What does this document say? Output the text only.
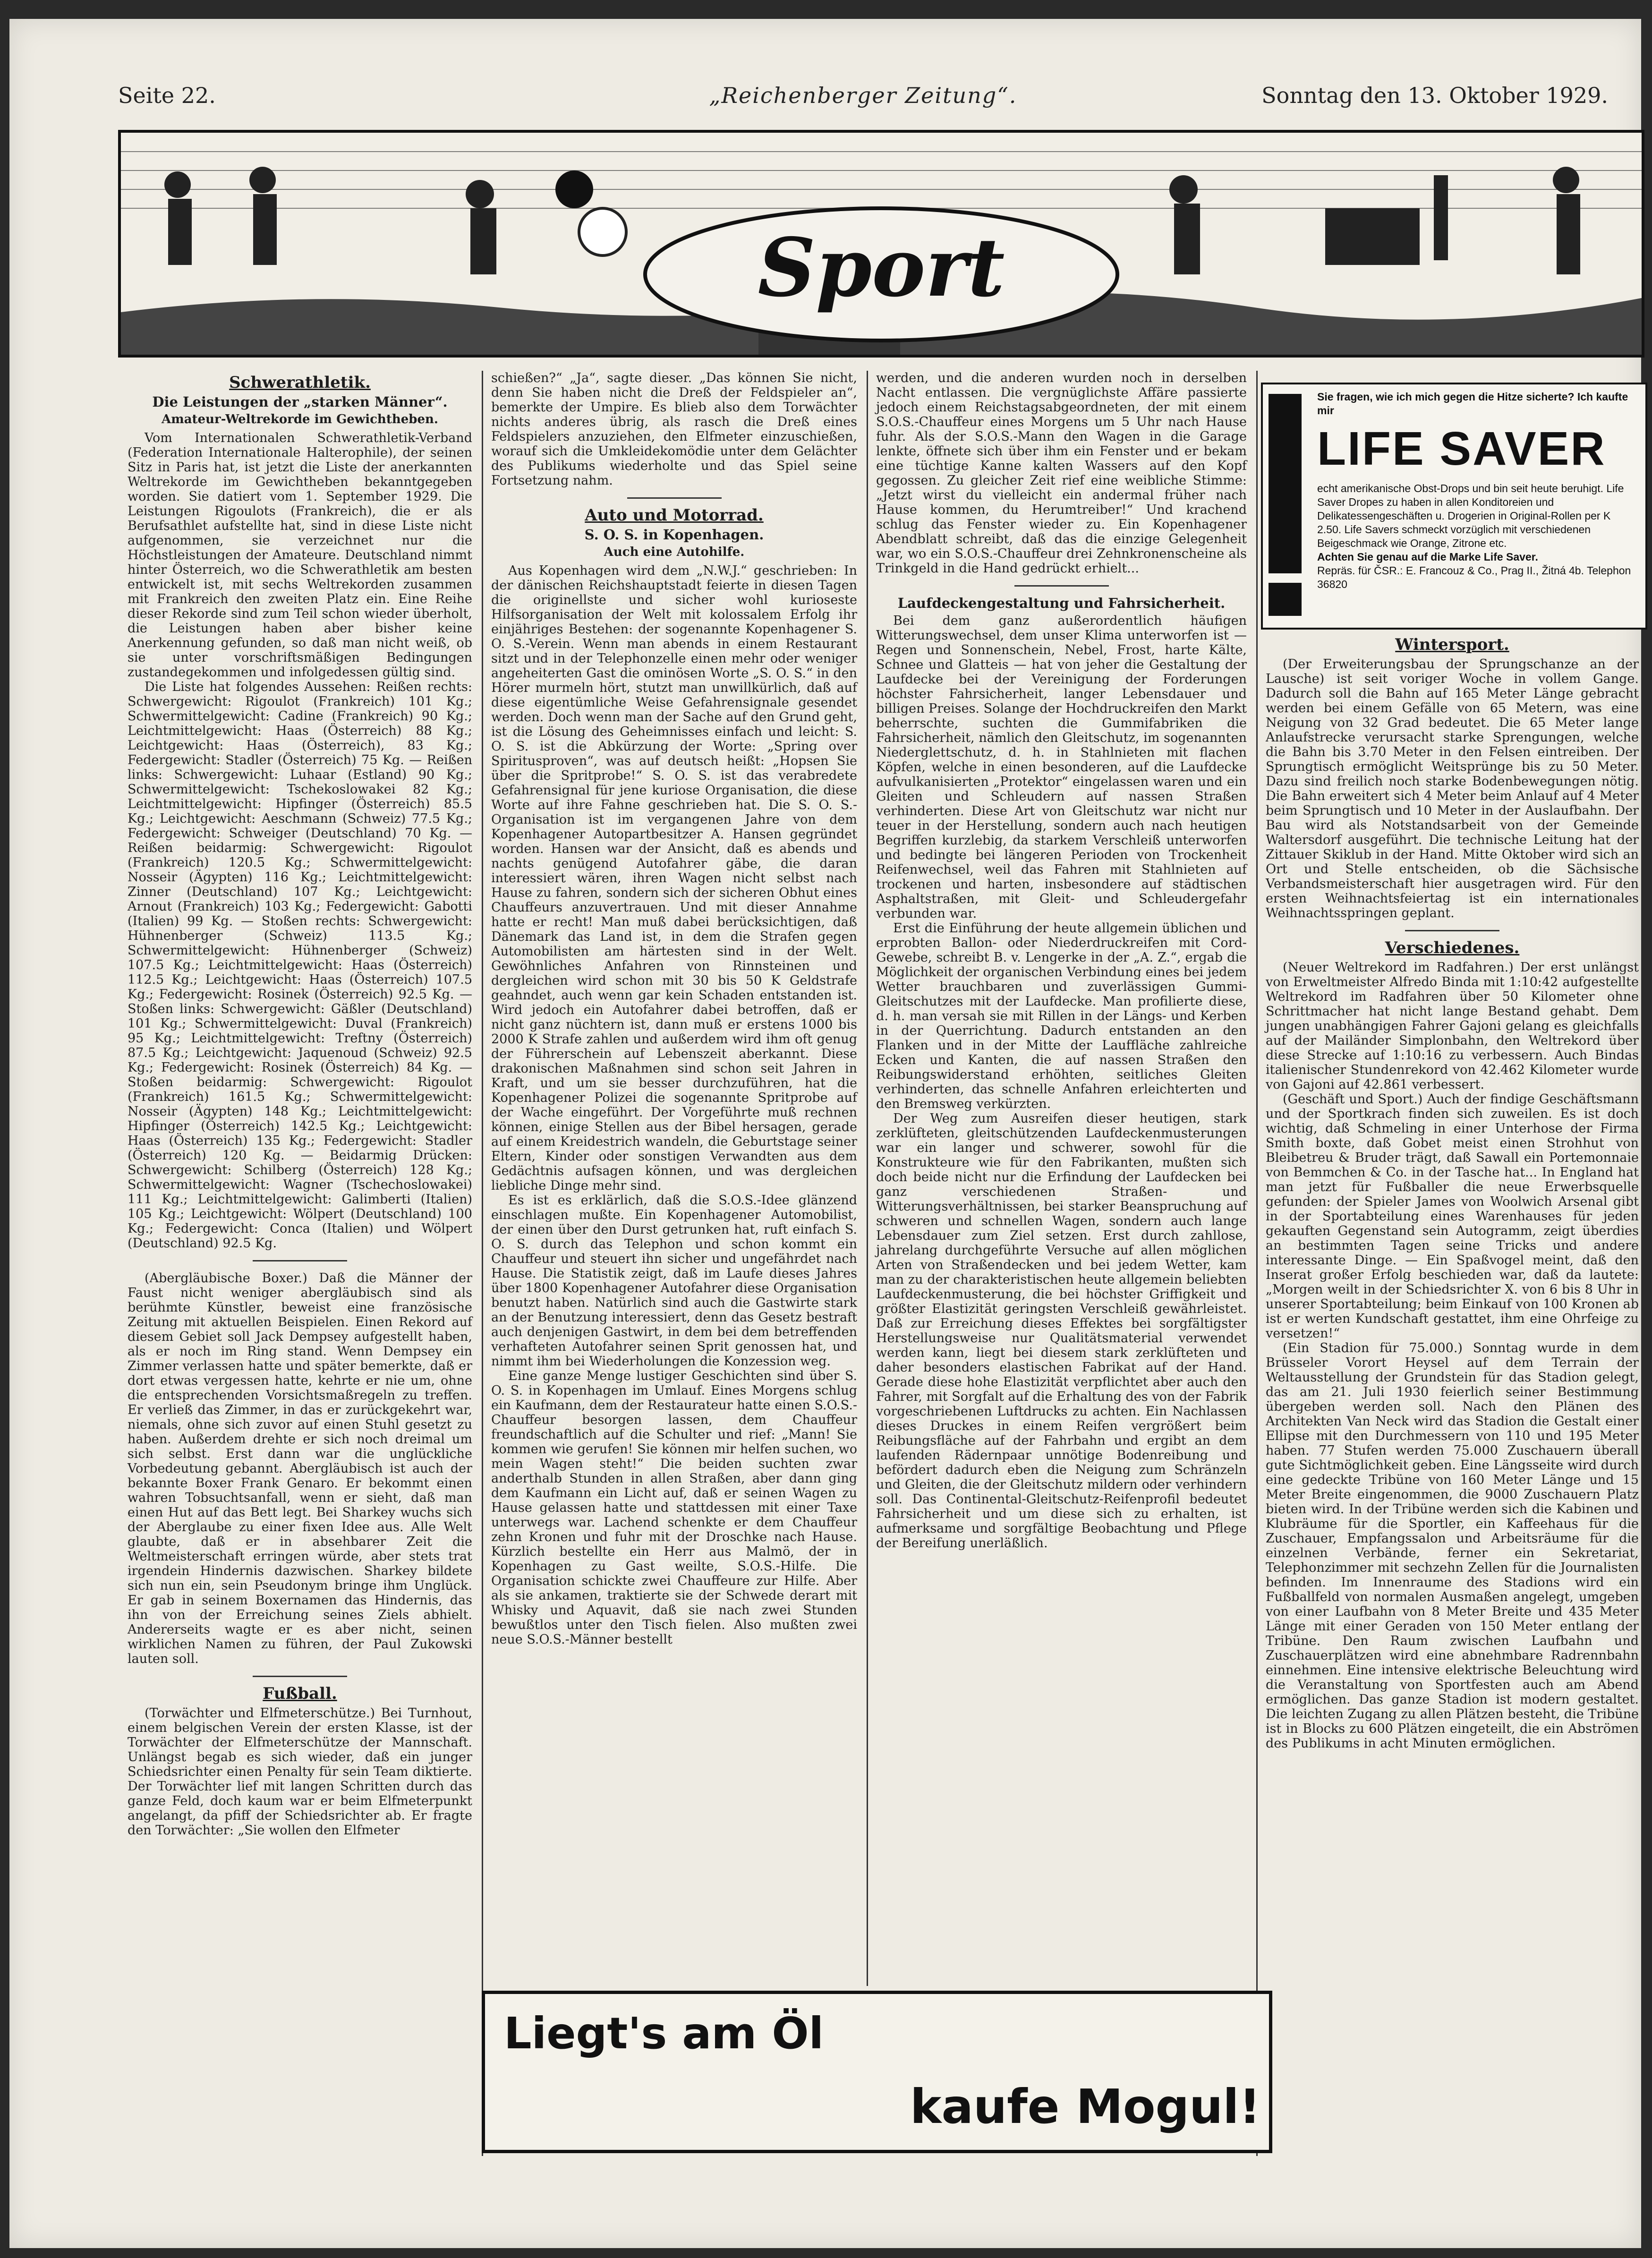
Seite 22.	„Reichenberger Zeitung“.	Sonntag den 13. Oktober 1929.
Sport
Schwerathletik.
Die Leistungen der „starken Männer“.
Amateur-Weltrekorde im Gewichtheben.

Vom Internationalen Schwerathletik-Verband (Federation Internationale Halterophile), der seinen Sitz in Paris hat, ist jetzt die Liste der anerkannten Weltrekorde im Gewichtheben bekanntgegeben worden. Sie datiert vom 1. September 1929. Die Leistungen Rigoulots (Frankreich), die er als Berufsathlet aufstellte hat, sind in diese Liste nicht aufgenommen, sie verzeichnet nur die Höchstleistungen der Amateure. Deutschland nimmt hinter Österreich, wo die Schwerathletik am besten entwickelt ist, mit sechs Weltrekorden zusammen mit Frankreich den zweiten Platz ein. Eine Reihe dieser Rekorde sind zum Teil schon wieder überholt, die Leistungen haben aber bisher keine Anerkennung gefunden, so daß man nicht weiß, ob sie unter vorschriftsmäßigen Bedingungen zustandegekommen und infolgedessen gültig sind.

Die Liste hat folgendes Aussehen: Reißen rechts: Schwergewicht: Rigoulot (Frankreich) 101 Kg.; Schwermittelgewicht: Cadine (Frankreich) 90 Kg.; Leichtmittelgewicht: Haas (Österreich) 88 Kg.; Leichtgewicht: Haas (Österreich), 83 Kg.; Federgewicht: Stadler (Österreich) 75 Kg. — Reißen links: Schwergewicht: Luhaar (Estland) 90 Kg.; Schwermittelgewicht: Tschekoslowakei 82 Kg.; Leichtmittelgewicht: Hipfinger (Österreich) 85.5 Kg.; Leichtgewicht: Aeschmann (Schweiz) 77.5 Kg.; Federgewicht: Schweiger (Deutschland) 70 Kg. — Reißen beidarmig: Schwergewicht: Rigoulot (Frankreich) 120.5 Kg.; Schwermittelgewicht: Nosseir (Ägypten) 116 Kg.; Leichtmittelgewicht: Zinner (Deutschland) 107 Kg.; Leichtgewicht: Arnout (Frankreich) 103 Kg.; Federgewicht: Gabotti (Italien) 99 Kg. — Stoßen rechts: Schwergewicht: Hühnenberger (Schweiz) 113.5 Kg.; Schwermittelgewicht: Hühnenberger (Schweiz) 107.5 Kg.; Leichtmittelgewicht: Haas (Österreich) 112.5 Kg.; Leichtgewicht: Haas (Österreich) 107.5 Kg.; Federgewicht: Rosinek (Österreich) 92.5 Kg. — Stoßen links: Schwergewicht: Gäßler (Deutschland) 101 Kg.; Schwermittelgewicht: Duval (Frankreich) 95 Kg.; Leichtmittelgewicht: Treftny (Österreich) 87.5 Kg.; Leichtgewicht: Jaquenoud (Schweiz) 92.5 Kg.; Federgewicht: Rosinek (Österreich) 84 Kg. — Stoßen beidarmig: Schwergewicht: Rigoulot (Frankreich) 161.5 Kg.; Schwermittelgewicht: Nosseir (Ägypten) 148 Kg.; Leichtmittelgewicht: Hipfinger (Österreich) 142.5 Kg.; Leichtgewicht: Haas (Österreich) 135 Kg.; Federgewicht: Stadler (Österreich) 120 Kg. — Beidarmig Drücken: Schwergewicht: Schilberg (Österreich) 128 Kg.; Schwermittelgewicht: Wagner (Tschechoslowakei) 111 Kg.; Leichtmittelgewicht: Galimberti (Italien) 105 Kg.; Leichtgewicht: Wölpert (Deutschland) 100 Kg.; Federgewicht: Conca (Italien) und Wölpert (Deutschland) 92.5 Kg.

(Abergläubische Boxer.) Daß die Männer der Faust nicht weniger abergläubisch sind als berühmte Künstler, beweist eine französische Zeitung mit aktuellen Beispielen. Einen Rekord auf diesem Gebiet soll Jack Dempsey aufgestellt haben, als er noch im Ring stand. Wenn Dempsey ein Zimmer verlassen hatte und später bemerkte, daß er dort etwas vergessen hatte, kehrte er nie um, ohne die entsprechenden Vorsichtsmaßregeln zu treffen. Er verließ das Zimmer, in das er zurückgekehrt war, niemals, ohne sich zuvor auf einen Stuhl gesetzt zu haben. Außerdem drehte er sich noch dreimal um sich selbst. Erst dann war die unglückliche Vorbedeutung gebannt. Abergläubisch ist auch der bekannte Boxer Frank Genaro. Er bekommt einen wahren Tobsuchtsanfall, wenn er sieht, daß man einen Hut auf das Bett legt. Bei Sharkey wuchs sich der Aberglaube zu einer fixen Idee aus. Alle Welt glaubte, daß er in absehbarer Zeit die Weltmeisterschaft erringen würde, aber stets trat irgendein Hindernis dazwischen. Sharkey bildete sich nun ein, sein Pseudonym bringe ihm Unglück. Er gab in seinem Boxernamen das Hindernis, das ihn von der Erreichung seines Ziels abhielt. Andererseits wagte er es aber nicht, seinen wirklichen Namen zu führen, der Paul Zukowski lauten soll.

Fußball.

(Torwächter und Elfmeterschütze.) Bei Turnhout, einem belgischen Verein der ersten Klasse, ist der Torwächter der Elfmeterschütze der Mannschaft. Unlängst begab es sich wieder, daß ein junger Schiedsrichter einen Penalty für sein Team diktierte. Der Torwächter lief mit langen Schritten durch das ganze Feld, doch kaum war er beim Elfmeterpunkt angelangt, da pfiff der Schiedsrichter ab. Er fragte den Torwächter: „Sie wollen den Elfmeter

schießen?“ „Ja“, sagte dieser. „Das können Sie nicht, denn Sie haben nicht die Dreß der Feldspieler an“, bemerkte der Umpire. Es blieb also dem Torwächter nichts anderes übrig, als rasch die Dreß eines Feldspielers anzuziehen, den Elfmeter einzuschießen, worauf sich die Umkleidekomödie unter dem Gelächter des Publikums wiederholte und das Spiel seine Fortsetzung nahm.

Auto und Motorrad.
S. O. S. in Kopenhagen.
Auch eine Autohilfe.

Aus Kopenhagen wird dem „N.W.J.“ geschrieben: In der dänischen Reichshauptstadt feierte in diesen Tagen die originellste und sicher wohl kurioseste Hilfsorganisation der Welt mit kolossalem Erfolg ihr einjähriges Bestehen: der sogenannte Kopenhagener S. O. S.-Verein. Wenn man abends in einem Restaurant sitzt und in der Telephonzelle einen mehr oder weniger angeheiterten Gast die ominösen Worte „S. O. S.“ in den Hörer murmeln hört, stutzt man unwillkürlich, daß auf diese eigentümliche Weise Gefahrensignale gesendet werden. Doch wenn man der Sache auf den Grund geht, ist die Lösung des Geheimnisses einfach und leicht: S. O. S. ist die Abkürzung der Worte: „Spring over Spiritusproven“, was auf deutsch heißt: „Hopsen Sie über die Spritprobe!“ S. O. S. ist das verabredete Gefahrensignal für jene kuriose Organisation, die diese Worte auf ihre Fahne geschrieben hat. Die S. O. S.-Organisation ist im vergangenen Jahre von dem Kopenhagener Autopartbesitzer A. Hansen gegründet worden. Hansen war der Ansicht, daß es abends und nachts genügend Autofahrer gäbe, die daran interessiert wären, ihren Wagen nicht selbst nach Hause zu fahren, sondern sich der sicheren Obhut eines Chauffeurs anzuvertrauen. Und mit dieser Annahme hatte er recht! Man muß dabei berücksichtigen, daß Dänemark das Land ist, in dem die Strafen gegen Automobilisten am härtesten sind in der Welt. Gewöhnliches Anfahren von Rinnsteinen und dergleichen wird schon mit 30 bis 50 K Geldstrafe geahndet, auch wenn gar kein Schaden entstanden ist. Wird jedoch ein Autofahrer dabei betroffen, daß er nicht ganz nüchtern ist, dann muß er erstens 1000 bis 2000 K Strafe zahlen und außerdem wird ihm oft genug der Führerschein auf Lebenszeit aberkannt. Diese drakonischen Maßnahmen sind schon seit Jahren in Kraft, und um sie besser durchzuführen, hat die Kopenhagener Polizei die sogenannte Spritprobe auf der Wache eingeführt. Der Vorgeführte muß rechnen können, einige Stellen aus der Bibel hersagen, gerade auf einem Kreidestrich wandeln, die Geburtstage seiner Eltern, Kinder oder sonstigen Verwandten aus dem Gedächtnis aufsagen können, und was dergleichen liebliche Dinge mehr sind.

Es ist es erklärlich, daß die S.O.S.-Idee glänzend einschlagen mußte. Ein Kopenhagener Automobilist, der einen über den Durst getrunken hat, ruft einfach S. O. S. durch das Telephon und schon kommt ein Chauffeur und steuert ihn sicher und ungefährdet nach Hause. Die Statistik zeigt, daß im Laufe dieses Jahres über 1800 Kopenhagener Autofahrer diese Organisation benutzt haben. Natürlich sind auch die Gastwirte stark an der Benutzung interessiert, denn das Gesetz bestraft auch denjenigen Gastwirt, in dem bei dem betreffenden verhafteten Autofahrer seinen Sprit genossen hat, und nimmt ihm bei Wiederholungen die Konzession weg.

Eine ganze Menge lustiger Geschichten sind über S. O. S. in Kopenhagen im Umlauf. Eines Morgens schlug ein Kaufmann, dem der Restaurateur hatte einen S.O.S.-Chauffeur besorgen lassen, dem Chauffeur freundschaftlich auf die Schulter und rief: „Mann! Sie kommen wie gerufen! Sie können mir helfen suchen, wo mein Wagen steht!“ Die beiden suchten zwar anderthalb Stunden in allen Straßen, aber dann ging dem Kaufmann ein Licht auf, daß er seinen Wagen zu Hause gelassen hatte und stattdessen mit einer Taxe unterwegs war. Lachend schenkte er dem Chauffeur zehn Kronen und fuhr mit der Droschke nach Hause. Kürzlich bestellte ein Herr aus Malmö, der in Kopenhagen zu Gast weilte, S.O.S.-Hilfe. Die Organisation schickte zwei Chauffeure zur Hilfe. Aber als sie ankamen, traktierte sie der Schwede derart mit Whisky und Aquavit, daß sie nach zwei Stunden bewußtlos unter den Tisch fielen. Also mußten zwei neue S.O.S.-Männer bestellt

werden, und die anderen wurden noch in derselben Nacht entlassen. Die vergnüglichste Affäre passierte jedoch einem Reichstagsabgeordneten, der mit einem S.O.S.-Chauffeur eines Morgens um 5 Uhr nach Hause fuhr. Als der S.O.S.-Mann den Wagen in die Garage lenkte, öffnete sich über ihm ein Fenster und er bekam eine tüchtige Kanne kalten Wassers auf den Kopf gegossen. Zu gleicher Zeit rief eine weibliche Stimme: „Jetzt wirst du vielleicht ein andermal früher nach Hause kommen, du Herumtreiber!“ Und krachend schlug das Fenster wieder zu. Ein Kopenhagener Abendblatt schreibt, daß das die einzige Gelegenheit war, wo ein S.O.S.-Chauffeur drei Zehnkronenscheine als Trinkgeld in die Hand gedrückt erhielt...

Laufdeckengestaltung und Fahrsicherheit.

Bei dem ganz außerordentlich häufigen Witterungswechsel, dem unser Klima unterworfen ist — Regen und Sonnenschein, Nebel, Frost, harte Kälte, Schnee und Glatteis — hat von jeher die Gestaltung der Laufdecke bei der Vereinigung der Forderungen höchster Fahrsicherheit, langer Lebensdauer und billigen Preises. Solange der Hochdruckreifen den Markt beherrschte, suchten die Gummifabriken die Fahrsicherheit, nämlich den Gleitschutz, im sogenannten Niederglettschutz, d. h. in Stahlnieten mit flachen Köpfen, welche in einen besonderen, auf die Laufdecke aufvulkanisierten „Protektor“ eingelassen waren und ein Gleiten und Schleudern auf nassen Straßen verhinderten. Diese Art von Gleitschutz war nicht nur teuer in der Herstellung, sondern auch nach heutigen Begriffen kurzlebig, da starkem Verschleiß unterworfen und bedingte bei längeren Perioden von Trockenheit Reifenwechsel, weil das Fahren mit Stahlnieten auf trockenen und harten, insbesondere auf städtischen Asphaltstraßen, mit Gleit- und Schleudergefahr verbunden war.

Erst die Einführung der heute allgemein üblichen und erprobten Ballon- oder Niederdruckreifen mit Cord-Gewebe, schreibt B. v. Lengerke in der „A. Z.“, ergab die Möglichkeit der organischen Verbindung eines bei jedem Wetter brauchbaren und zuverlässigen Gummi-Gleitschutzes mit der Laufdecke. Man profilierte diese, d. h. man versah sie mit Rillen in der Längs- und Kerben in der Querrichtung. Dadurch entstanden an den Flanken und in der Mitte der Lauffläche zahlreiche Ecken und Kanten, die auf nassen Straßen den Reibungswiderstand erhöhten, seitliches Gleiten verhinderten, das schnelle Anfahren erleichterten und den Bremsweg verkürzten.

Der Weg zum Ausreifen dieser heutigen, stark zerklüfteten, gleitschützenden Laufdeckenmusterungen war ein langer und schwerer, sowohl für die Konstrukteure wie für den Fabrikanten, mußten sich doch beide nicht nur die Erfindung der Laufdecken bei ganz verschiedenen Straßen- und Witterungsverhältnissen, bei starker Beanspruchung auf schweren und schnellen Wagen, sondern auch lange Lebensdauer zum Ziel setzen. Erst durch zahllose, jahrelang durchgeführte Versuche auf allen möglichen Arten von Straßendecken und bei jedem Wetter, kam man zu der charakteristischen heute allgemein beliebten Laufdeckenmusterung, die bei höchster Griffigkeit und größter Elastizität geringsten Verschleiß gewährleistet. Daß zur Erreichung dieses Effektes bei sorgfältigster Herstellungsweise nur Qualitätsmaterial verwendet werden kann, liegt bei diesem stark zerklüfteten und daher besonders elastischen Fabrikat auf der Hand. Gerade diese hohe Elastizität verpflichtet aber auch den Fahrer, mit Sorgfalt auf die Erhaltung des von der Fabrik vorgeschriebenen Luftdrucks zu achten. Ein Nachlassen dieses Druckes in einem Reifen vergrößert beim Reibungsfläche auf der Fahrbahn und ergibt an dem laufenden Rädernpaar unnötige Bodenreibung und befördert dadurch eben die Neigung zum Schränzeln und Gleiten, die der Gleitschutz mildern oder verhindern soll. Das Continental-Gleitschutz-Reifenprofil bedeutet Fahrsicherheit und um diese sich zu erhalten, ist aufmerksame und sorgfältige Beobachtung und Pflege der Bereifung unerläßlich.

Sie fragen, wie ich mich gegen die Hitze sicherte? Ich kaufte mir
LIFE SAVER
echt amerikanische Obst-Drops und bin seit heute beruhigt. Life Saver Dropes zu haben in allen Konditoreien und Delikatessengeschäften u. Drogerien in Original-Rollen per K 2.50. Life Savers schmeckt vorzüglich mit verschiedenen Beigeschmack wie Orange, Zitrone etc.
Achten Sie genau auf die Marke Life Saver.
Repräs. für ČSR.: E. Francouz & Co., Prag II., Žitná 4b. Telephon 36820
Wintersport.

(Der Erweiterungsbau der Sprungschanze an der Lausche) ist seit voriger Woche in vollem Gange. Dadurch soll die Bahn auf 165 Meter Länge gebracht werden bei einem Gefälle von 65 Metern, was eine Neigung von 32 Grad bedeutet. Die 65 Meter lange Anlaufstrecke verursacht starke Sprengungen, welche die Bahn bis 3.70 Meter in den Felsen eintreiben. Der Sprungtisch ermöglicht Weitsprünge bis zu 50 Meter. Dazu sind freilich noch starke Bodenbewegungen nötig. Die Bahn erweitert sich 4 Meter beim Anlauf auf 4 Meter beim Sprungtisch und 10 Meter in der Auslaufbahn. Der Bau wird als Notstandsarbeit von der Gemeinde Waltersdorf ausgeführt. Die technische Leitung hat der Zittauer Skiklub in der Hand. Mitte Oktober wird sich an Ort und Stelle entscheiden, ob die Sächsische Verbandsmeisterschaft hier ausgetragen wird. Für den ersten Weihnachtsfeiertag ist ein internationales Weihnachtsspringen geplant.

Verschiedenes.

(Neuer Weltrekord im Radfahren.) Der erst unlängst von Erweltmeister Alfredo Binda mit 1:10:42 aufgestellte Weltrekord im Radfahren über 50 Kilometer ohne Schrittmacher hat nicht lange Bestand gehabt. Dem jungen unabhängigen Fahrer Gajoni gelang es gleichfalls auf der Mailänder Simplonbahn, den Weltrekord über diese Strecke auf 1:10:16 zu verbessern. Auch Bindas italienischer Stundenrekord von 42.462 Kilometer wurde von Gajoni auf 42.861 verbessert.

(Geschäft und Sport.) Auch der findige Geschäftsmann und der Sportkrach finden sich zuweilen. Es ist doch wichtig, daß Schmeling in einer Unterhose der Firma Smith boxte, daß Gobet meist einen Strohhut von Bleibetreu & Bruder trägt, daß Sawall ein Portemonnaie von Bemmchen & Co. in der Tasche hat... In England hat man jetzt für Fußballer die neue Erwerbsquelle gefunden: der Spieler James von Woolwich Arsenal gibt in der Sportabteilung eines Warenhauses für jeden gekauften Gegenstand sein Autogramm, zeigt überdies an bestimmten Tagen seine Tricks und andere interessante Dinge. — Ein Spaßvogel meint, daß den Inserat großer Erfolg beschieden war, daß da lautete: „Morgen weilt in der Schiedsrichter X. von 6 bis 8 Uhr in unserer Sportabteilung; beim Einkauf von 100 Kronen ab ist er werten Kundschaft gestattet, ihm eine Ohrfeige zu versetzen!“

(Ein Stadion für 75.000.) Sonntag wurde in dem Brüsseler Vorort Heysel auf dem Terrain der Weltausstellung der Grundstein für das Stadion gelegt, das am 21. Juli 1930 feierlich seiner Bestimmung übergeben werden soll. Nach den Plänen des Architekten Van Neck wird das Stadion die Gestalt einer Ellipse mit den Durchmessern von 110 und 195 Meter haben. 77 Stufen werden 75.000 Zuschauern überall gute Sichtmöglichkeit geben. Eine Längsseite wird durch eine gedeckte Tribüne von 160 Meter Länge und 15 Meter Breite eingenommen, die 9000 Zuschauern Platz bieten wird. In der Tribüne werden sich die Kabinen und Klubräume für die Sportler, ein Kaffeehaus für die Zuschauer, Empfangssalon und Arbeitsräume für die einzelnen Verbände, ferner ein Sekretariat, Telephonzimmer mit sechzehn Zellen für die Journalisten befinden. Im Innenraume des Stadions wird ein Fußballfeld von normalen Ausmaßen angelegt, umgeben von einer Laufbahn von 8 Meter Breite und 435 Meter Länge mit einer Geraden von 150 Meter entlang der Tribüne. Den Raum zwischen Laufbahn und Zuschauerplätzen wird eine abnehmbare Radrennbahn einnehmen. Eine intensive elektrische Beleuchtung wird die Veranstaltung von Sportfesten auch am Abend ermöglichen. Das ganze Stadion ist modern gestaltet. Die leichten Zugang zu allen Plätzen besteht, die Tribüne ist in Blocks zu 600 Plätzen eingeteilt, die ein Abströmen des Publikums in acht Minuten ermöglichen.

Liegt's am Öl
kaufe Mogul!
